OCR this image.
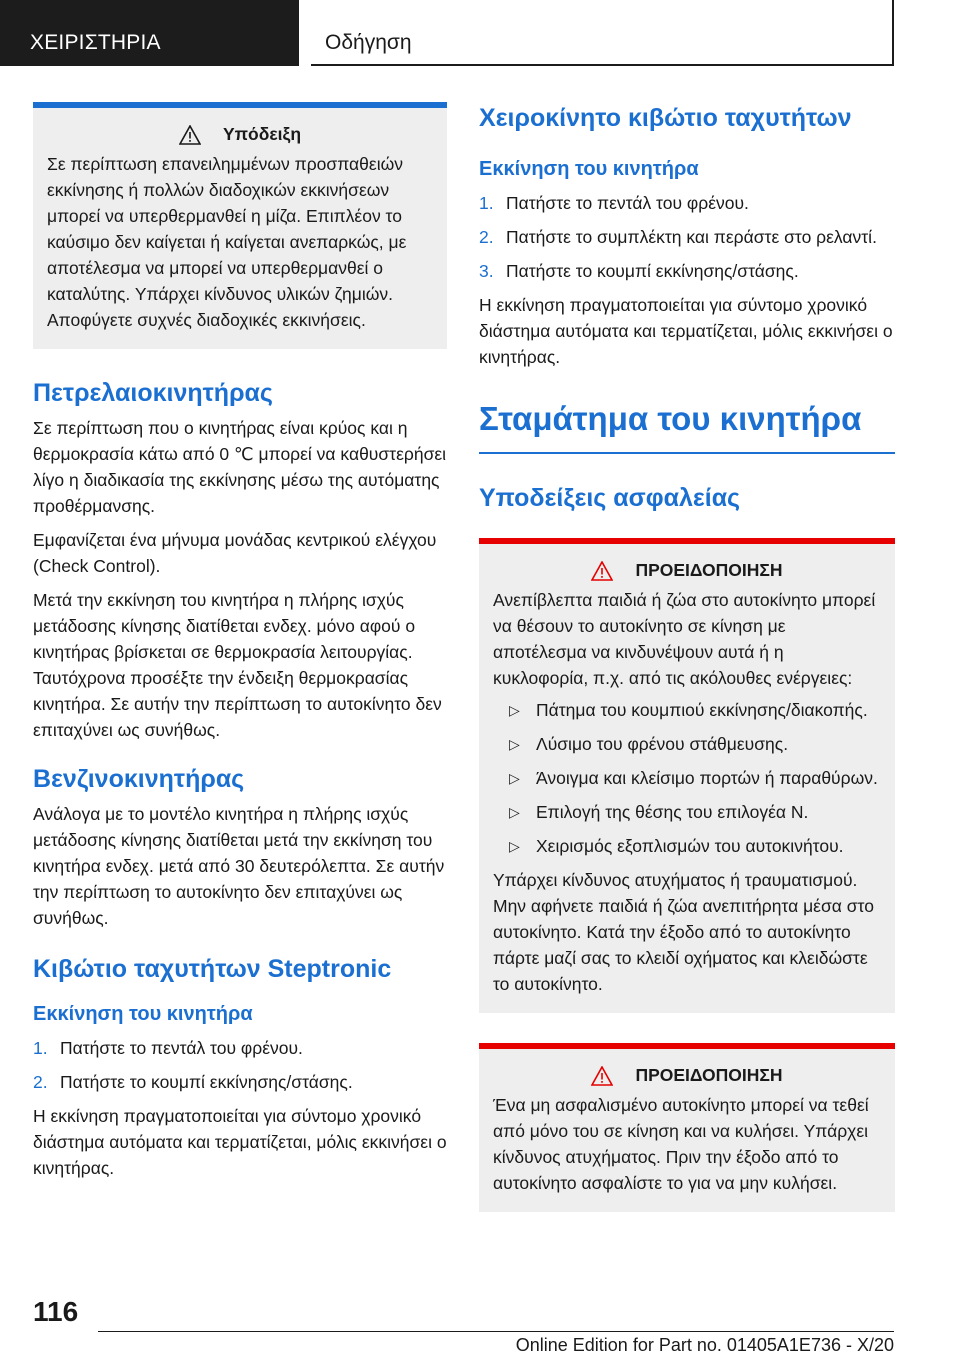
ΧΕΙΡΙΣΤΗΡΙΑ	Οδήγηση
Υπόδειξη

Σε περίπτωση επανειλημμένων προσπαθειών εκκίνησης ή πολλών διαδοχικών εκκινήσεων μπορεί να υπερθερμανθεί η μίζα. Επιπλέον το καύσιμο δεν καίγεται ή καίγεται ανεπαρκώς, με αποτέλεσμα να μπορεί να υπερθερμανθεί ο καταλύτης. Υπάρχει κίνδυνος υλικών ζημιών. Αποφύγετε συχνές διαδοχικές εκκινήσεις.

Πετρελαιοκινητήρας

Σε περίπτωση που ο κινητήρας είναι κρύος και η θερμοκρασία κάτω από 0 ℃ μπορεί να καθυστερήσει λίγο η διαδικασία της εκκίνησης μέσω της αυτόματης προθέρμανσης.

Εμφανίζεται ένα μήνυμα μονάδας κεντρικού ελέγχου (Check Control).

Μετά την εκκίνηση του κινητήρα η πλήρης ισχύς μετάδοσης κίνησης διατίθεται ενδεχ. μόνο αφού ο κινητήρας βρίσκεται σε θερμοκρασία λειτουργίας. Ταυτόχρονα προσέξτε την ένδειξη θερμοκρασίας κινητήρα. Σε αυτήν την περίπτωση το αυτοκίνητο δεν επιταχύνει ως συνήθως.

Βενζινοκινητήρας

Ανάλογα με το μοντέλο κινητήρα η πλήρης ισχύς μετάδοσης κίνησης διατίθεται μετά την εκκίνηση του κινητήρα ενδεχ. μετά από 30 δευτερόλεπτα. Σε αυτήν την περίπτωση το αυτοκίνητο δεν επιταχύνει ως συνήθως.

Κιβώτιο ταχυτήτων Steptronic
Εκκίνηση του κινητήρα
1. Πατήστε το πεντάλ του φρένου.
2. Πατήστε το κουμπί εκκίνησης/στάσης.

Η εκκίνηση πραγματοποιείται για σύντομο χρονικό διάστημα αυτόματα και τερματίζεται, μόλις εκκινήσει ο κινητήρας.

Χειροκίνητο κιβώτιο ταχυτήτων
Εκκίνηση του κινητήρα
1. Πατήστε το πεντάλ του φρένου.
2. Πατήστε το συμπλέκτη και περάστε στο ρελαντί.
3. Πατήστε το κουμπί εκκίνησης/στάσης.

Η εκκίνηση πραγματοποιείται για σύντομο χρονικό διάστημα αυτόματα και τερματίζεται, μόλις εκκινήσει ο κινητήρας.

Σταμάτημα του κινητήρα
Υποδείξεις ασφαλείας
ΠΡΟΕΙΔΟΠΟΙΗΣΗ

Ανεπίβλεπτα παιδιά ή ζώα στο αυτοκίνητο μπορεί να θέσουν το αυτοκίνητο σε κίνηση με αποτέλεσμα να κινδυνέψουν αυτά ή η κυκλοφορία, π.χ. από τις ακόλουθες ενέργειες:

▷ Πάτημα του κουμπιού εκκίνησης/διακοπής.
▷ Λύσιμο του φρένου στάθμευσης.
▷ Άνοιγμα και κλείσιμο πορτών ή παραθύρων.
▷ Επιλογή της θέσης του επιλογέα N.
▷ Χειρισμός εξοπλισμών του αυτοκινήτου.

Υπάρχει κίνδυνος ατυχήματος ή τραυματισμού. Μην αφήνετε παιδιά ή ζώα ανεπιτήρητα μέσα στο αυτοκίνητο. Κατά την έξοδο από το αυτοκίνητο πάρτε μαζί σας το κλειδί οχήματος και κλειδώστε το αυτοκίνητο.

ΠΡΟΕΙΔΟΠΟΙΗΣΗ

Ένα μη ασφαλισμένο αυτοκίνητο μπορεί να τεθεί από μόνο του σε κίνηση και να κυλήσει. Υπάρχει κίνδυνος ατυχήματος. Πριν την έξοδο από το αυτοκίνητο ασφαλίστε το για να μην κυλήσει.

116
Online Edition for Part no. 01405A1E736 - X/20
